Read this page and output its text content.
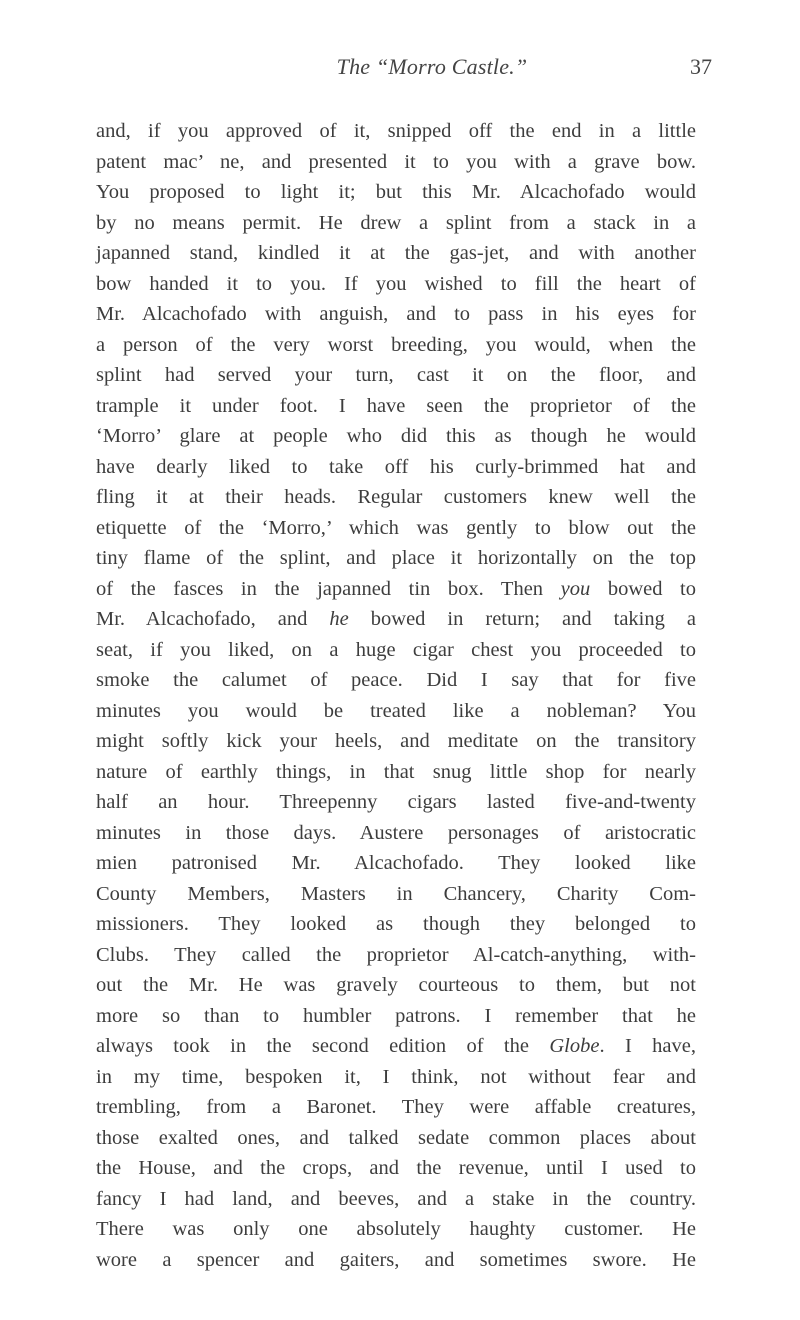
The “Morro Castle.”	37
and, if you approved of it, snipped off the end in a little
patent mac’ ne, and presented it to you with a grave bow.
You proposed to light it; but this Mr. Alcachofado would
by no means permit. He drew a splint from a stack in a
japanned stand, kindled it at the gas-jet, and with another
bow handed it to you. If you wished to fill the heart of
Mr. Alcachofado with anguish, and to pass in his eyes for
a person of the very worst breeding, you would, when the
splint had served your turn, cast it on the floor, and
trample it under foot. I have seen the proprietor of the
‘Morro’ glare at people who did this as though he would
have dearly liked to take off his curly-brimmed hat and
fling it at their heads. Regular customers knew well the
etiquette of the ‘Morro,’ which was gently to blow out the
tiny flame of the splint, and place it horizontally on the top
of the fasces in the japanned tin box. Then you bowed to
Mr. Alcachofado, and he bowed in return; and taking a
seat, if you liked, on a huge cigar chest you proceeded to
smoke the calumet of peace. Did I say that for five
minutes you would be treated like a nobleman? You
might softly kick your heels, and meditate on the transitory
nature of earthly things, in that snug little shop for nearly
half an hour. Threepenny cigars lasted five-and-twenty
minutes in those days. Austere personages of aristocratic
mien patronised Mr. Alcachofado. They looked like
County Members, Masters in Chancery, Charity Com-
missioners. They looked as though they belonged to
Clubs. They called the proprietor Al-catch-anything, with-
out the Mr. He was gravely courteous to them, but not
more so than to humbler patrons. I remember that he
always took in the second edition of the Globe. I have,
in my time, bespoken it, I think, not without fear and
trembling, from a Baronet. They were affable creatures,
those exalted ones, and talked sedate common places about
the House, and the crops, and the revenue, until I used to
fancy I had land, and beeves, and a stake in the country.
There was only one absolutely haughty customer. He
wore a spencer and gaiters, and sometimes swore. He
